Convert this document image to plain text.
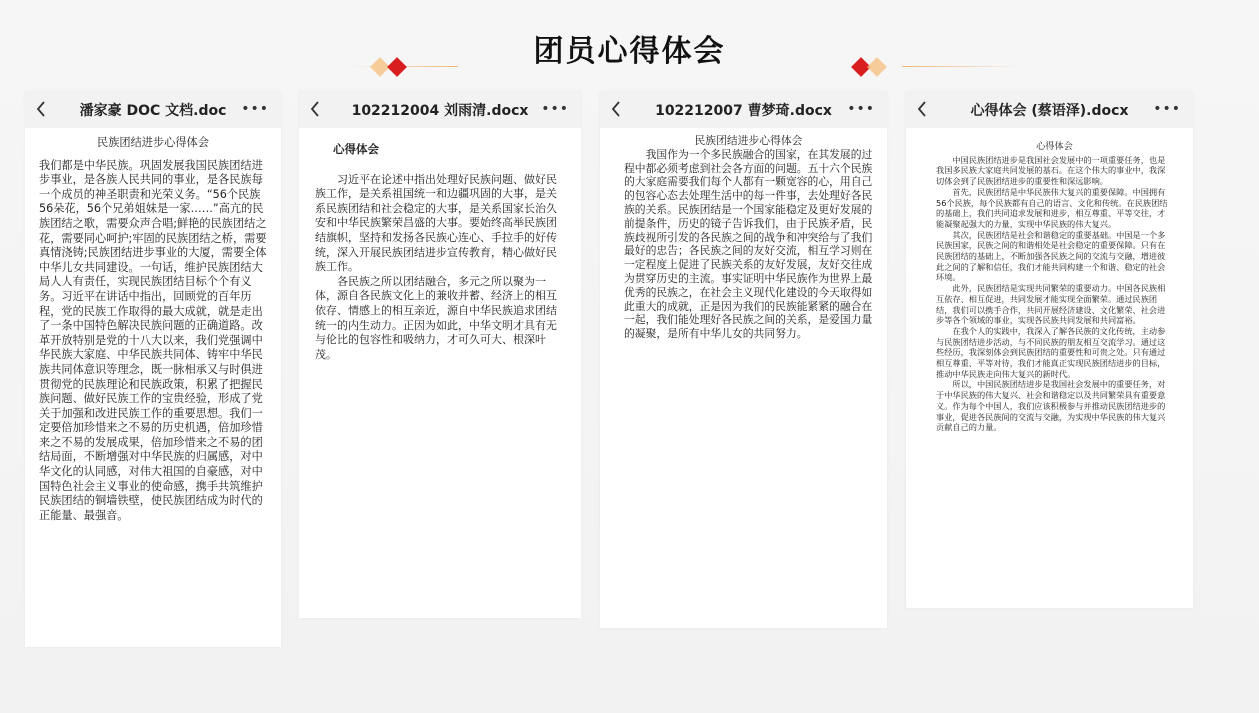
团员心得体会
潘家豪 DOC 文档.doc •••

民族团结进步心得体会

我们都是中华民族。巩固发展我国民族团结进步事业，是各族人民共同的事业，是各民族每一个成员的神圣职责和光荣义务。“56个民族56朵花，56个兄弟姐妹是一家……”高亢的民族团结之歌，需要众声合唱;鲜艳的民族团结之花，需要同心呵护;牢固的民族团结之桥，需要真情浇铸;民族团结进步事业的大厦，需要全体中华儿女共同建设。一句话，维护民族团结大局人人有责任，实现民族团结目标个个有义务。习近平在讲话中指出，回顾党的百年历程，党的民族工作取得的最大成就，就是走出了一条中国特色解决民族问题的正确道路。改革开放特别是党的十八大以来，我们党强调中华民族大家庭、中华民族共同体、铸牢中华民族共同体意识等理念，既一脉相承又与时俱进贯彻党的民族理论和民族政策，积累了把握民族问题、做好民族工作的宝贵经验，形成了党关于加强和改进民族工作的重要思想。我们一定要倍加珍惜来之不易的历史机遇，倍加珍惜来之不易的发展成果，倍加珍惜来之不易的团结局面，不断增强对中华民族的归属感，对中华文化的认同感，对伟大祖国的自豪感，对中国特色社会主义事业的使命感，携手共筑维护民族团结的铜墙铁壁，使民族团结成为时代的正能量、最强音。

102212004 刘雨清.docx •••

心得体会

习近平在论述中指出处理好民族问题、做好民族工作，是关系祖国统一和边疆巩固的大事，是关系民族团结和社会稳定的大事，是关系国家长治久安和中华民族繁荣昌盛的大事。要始终高举民族团结旗帜，坚持和发扬各民族心连心、手拉手的好传统，深入开展民族团结进步宣传教育，精心做好民族工作。

各民族之所以团结融合，多元之所以聚为一体，源自各民族文化上的兼收并蓄、经济上的相互依存、情感上的相互亲近，源自中华民族追求团结统一的内生动力。正因为如此，中华文明才具有无与伦比的包容性和吸纳力，才可久可大、根深叶茂。

102212007 曹梦琦.docx •••

民族团结进步心得体会

我国作为一个多民族融合的国家，在其发展的过程中都必须考虑到社会各方面的问题。五十六个民族的大家庭需要我们每个人都有一颗宽容的心，用自己的包容心态去处理生活中的每一件事，去处理好各民族的关系。民族团结是一个国家能稳定及更好发展的前提条件，历史的镜子告诉我们，由于民族矛盾，民族歧视所引发的各民族之间的战争和冲突给与了我们最好的忠告；各民族之间的友好交流，相互学习则在一定程度上促进了民族关系的友好发展，友好交往成为贯穿历史的主流。事实证明中华民族作为世界上最优秀的民族之，在社会主义现代化建设的今天取得如此重大的成就，正是因为我们的民族能紧紧的融合在一起，我们能处理好各民族之间的关系，是爱国力量的凝聚，是所有中华儿女的共同努力。

心得体会 (蔡语泽).docx •••

心得体会

中国民族团结进步是我国社会发展中的一项重要任务，也是我国多民族大家庭共同发展的基石。在这个伟大的事业中，我深切体会到了民族团结进步的重要性和深远影响。

首先，民族团结是中华民族伟大复兴的重要保障。中国拥有56个民族，每个民族都有自己的语言、文化和传统。在民族团结的基础上，我们共同追求发展和进步，相互尊重、平等交往，才能凝聚起强大的力量，实现中华民族的伟大复兴。

其次，民族团结是社会和谐稳定的重要基础。中国是一个多民族国家，民族之间的和谐相处是社会稳定的重要保障。只有在民族团结的基础上，不断加强各民族之间的交流与交融，增进彼此之间的了解和信任，我们才能共同构建一个和谐、稳定的社会环境。

此外，民族团结是实现共同繁荣的重要动力。中国各民族相互依存、相互促进，共同发展才能实现全面繁荣。通过民族团结，我们可以携手合作，共同开展经济建设、文化繁荣、社会进步等各个领域的事业，实现各民族共同发展和共同富裕。

在我个人的实践中，我深入了解各民族的文化传统，主动参与民族团结进步活动，与不同民族的朋友相互交流学习。通过这些经历，我深刻体会到民族团结的重要性和可贵之处。只有通过相互尊重、平等对待，我们才能真正实现民族团结进步的目标，推动中华民族走向伟大复兴的新时代。

所以，中国民族团结进步是我国社会发展中的重要任务，对于中华民族的伟大复兴、社会和谐稳定以及共同繁荣具有重要意义。作为每个中国人，我们应该积极参与并推动民族团结进步的事业，促进各民族间的交流与交融，为实现中华民族的伟大复兴贡献自己的力量。
